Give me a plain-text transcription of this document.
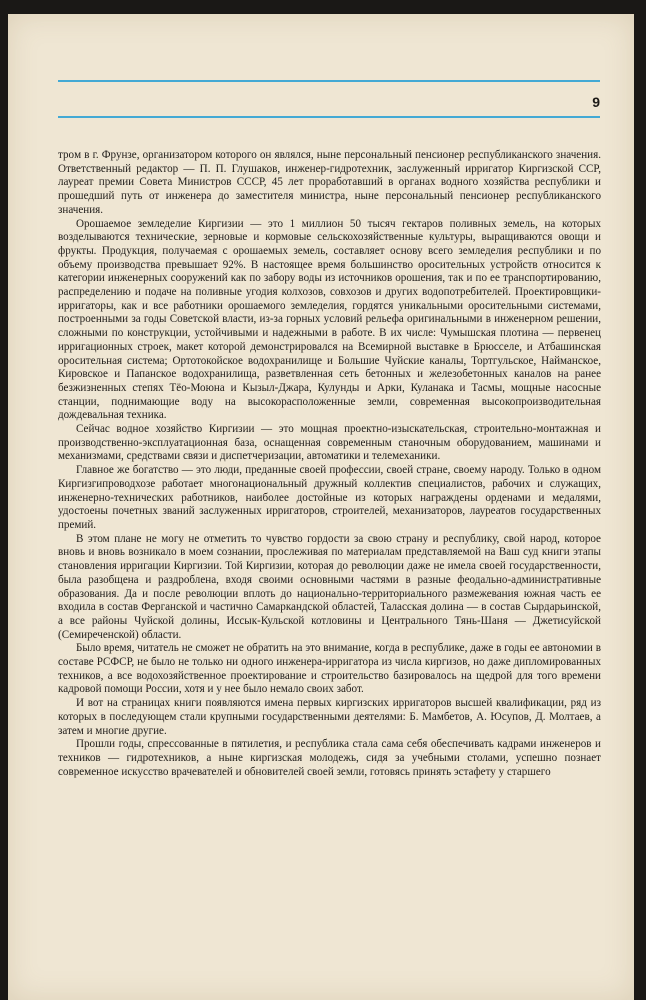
9

трoм в г. Фрунзе, организатором которого он являлся, ныне персональный пенсионер республиканского значения. Ответственный редактор — П. П. Глушаков, инженер-гидротехник, заслуженный ирригатор Киргизской ССР, лауреат премии Совета Министров СССР, 45 лет проработавший в органах водного хозяйства республики и прошедший путь от инженера до заместителя министра, ныне персональный пенсионер республиканского значения.

Орошаемое земледелие Киргизии — это 1 миллион 50 тысяч гектаров поливных земель, на которых возделываются технические, зерновые и кормовые сельскохозяйственные культуры, выращиваются овощи и фрукты. Продукция, получаемая с орошаемых земель, составляет основу всего земледелия республики и по объему производства превышает 92%. В настоящее время большинство оросительных устройств относится к категории инженерных сооружений как по забору воды из источников орошения, так и по ее транспортированию, распределению и подаче на поливные угодия колхозов, совхозов и других водопотребителей. Проектировщики-ирригаторы, как и все работники орошаемого земледелия, гордятся уникальными оросительными системами, построенными за годы Советской власти, из-за горных условий рельефа оригинальными в инженерном решении, сложными по конструкции, устойчивыми и надежными в работе. В их числе: Чумышская плотина — первенец ирригационных строек, макет которой демонстрировался на Всемирной выставке в Брюсселе, и Атбашинская оросительная система; Ортотокойское водохранилище и Большие Чуйские каналы, Тортгульское, Найманское, Кировское и Папанское водохранилища, разветвленная сеть бетонных и железобетонных каналов на ранее безжизненных степях Тёо-Моюна и Кызыл-Джара, Кулунды и Арки, Куланака и Тасмы, мощные насосные станции, поднимающие воду на высокорасположенные земли, современная высокопроизводительная дождевальная техника.

Сейчас водное хозяйство Киргизии — это мощная проектно-изыскательская, строительно-монтажная и производственно-эксплуатационная база, оснащенная современным станочным оборудованием, машинами и механизмами, средствами связи и диспетчеризации, автоматики и телемеханики.

Главное же богатство — это люди, преданные своей профессии, своей стране, своему народу. Только в одном Киргизгипроводхозе работает многонациональный дружный коллектив специалистов, рабочих и служащих, инженерно-технических работников, наиболее достойные из которых награждены орденами и медалями, удостоены почетных званий заслуженных ирригаторов, строителей, механизаторов, лауреатов государственных премий.

В этом плане не могу не отметить то чувство гордости за свою страну и республику, свой народ, которое вновь и вновь возникало в моем сознании, прослеживая по материалам представляемой на Ваш суд книги этапы становления ирригации Киргизии. Той Киргизии, которая до революции даже не имела своей государственности, была разобщена и раздроблена, входя своими основными частями в разные феодально-административные образования. Да и после революции вплоть до национально-территориального размежевания южная часть ее входила в состав Ферганской и частично Самаркандской областей, Таласская долина — в состав Сырдарьинской, а все районы Чуйской долины, Иссык-Кульской котловины и Центрального Тянь-Шаня — Джетисуйской (Семиреченской) области.

Было время, читатель не сможет не обратить на это внимание, когда в республике, даже в годы ее автономии в составе РСФСР, не было не только ни одного инженера-ирригатора из числа киргизов, но даже дипломированных техников, а все водохозяйственное проектирование и строительство базировалось на щедрой для того времени кадровой помощи России, хотя и у нее было немало своих забот.

И вот на страницах книги появляются имена первых киргизских ирригаторов высшей квалификации, ряд из которых в последующем стали крупными государственными деятелями: Б. Мамбетов, А. Юсупов, Д. Молтаев, а затем и многие другие.

Прошли годы, спрессованные в пятилетия, и республика стала сама себя обеспечивать кадрами инженеров и техников — гидротехников, а ныне киргизская молодежь, сидя за учебными столами, успешно познает современное искусство врачевателей и обновителей своей земли, готовясь принять эстафету у старшего
